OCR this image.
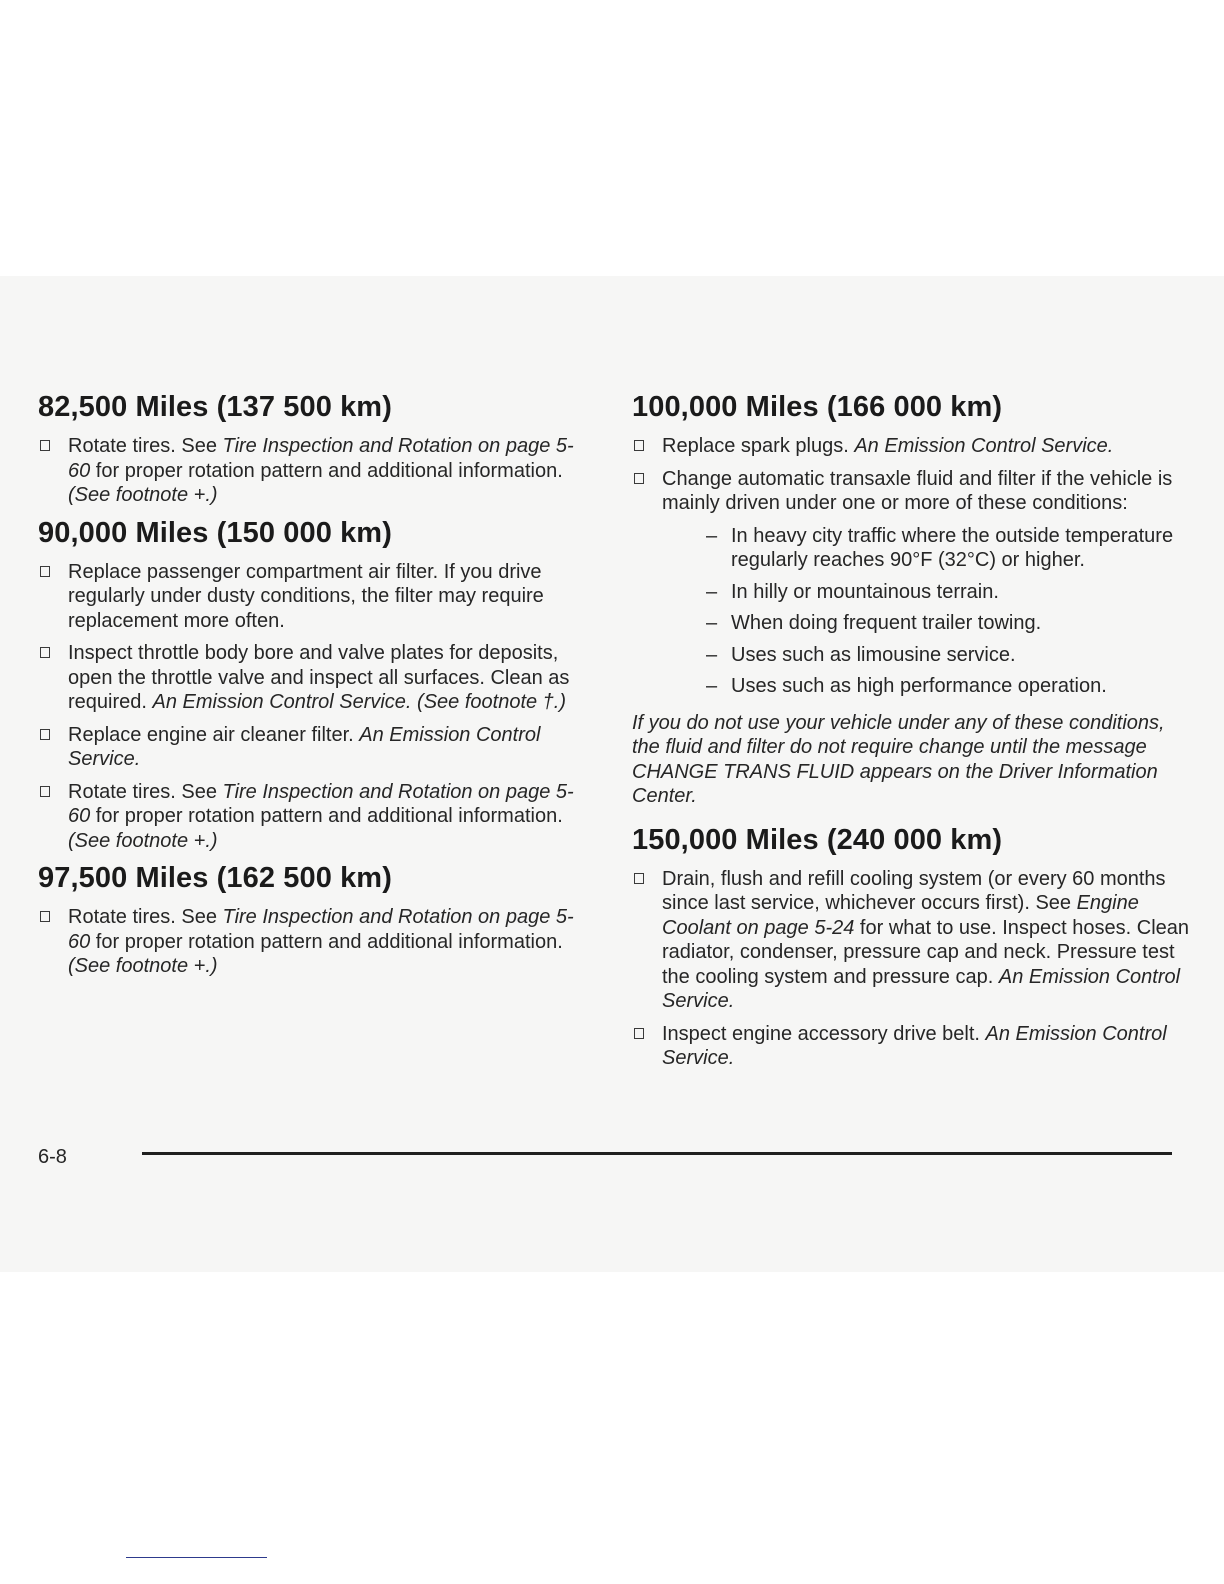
82,500 Miles (137 500 km)
Rotate tires. See Tire Inspection and Rotation on page 5-60 for proper rotation pattern and additional information. (See footnote +.)
90,000 Miles (150 000 km)
Replace passenger compartment air filter. If you drive regularly under dusty conditions, the filter may require replacement more often.
Inspect throttle body bore and valve plates for deposits, open the throttle valve and inspect all surfaces. Clean as required. An Emission Control Service. (See footnote †.)
Replace engine air cleaner filter. An Emission Control Service.
Rotate tires. See Tire Inspection and Rotation on page 5-60 for proper rotation pattern and additional information. (See footnote +.)
97,500 Miles (162 500 km)
Rotate tires. See Tire Inspection and Rotation on page 5-60 for proper rotation pattern and additional information. (See footnote +.)
100,000 Miles (166 000 km)
Replace spark plugs. An Emission Control Service.
Change automatic transaxle fluid and filter if the vehicle is mainly driven under one or more of these conditions:
– In heavy city traffic where the outside temperature regularly reaches 90°F (32°C) or higher.
– In hilly or mountainous terrain.
– When doing frequent trailer towing.
– Uses such as limousine service.
– Uses such as high performance operation.
If you do not use your vehicle under any of these conditions, the fluid and filter do not require change until the message CHANGE TRANS FLUID appears on the Driver Information Center.
150,000 Miles (240 000 km)
Drain, flush and refill cooling system (or every 60 months since last service, whichever occurs first). See Engine Coolant on page 5-24 for what to use. Inspect hoses. Clean radiator, condenser, pressure cap and neck. Pressure test the cooling system and pressure cap. An Emission Control Service.
Inspect engine accessory drive belt. An Emission Control Service.
6-8
